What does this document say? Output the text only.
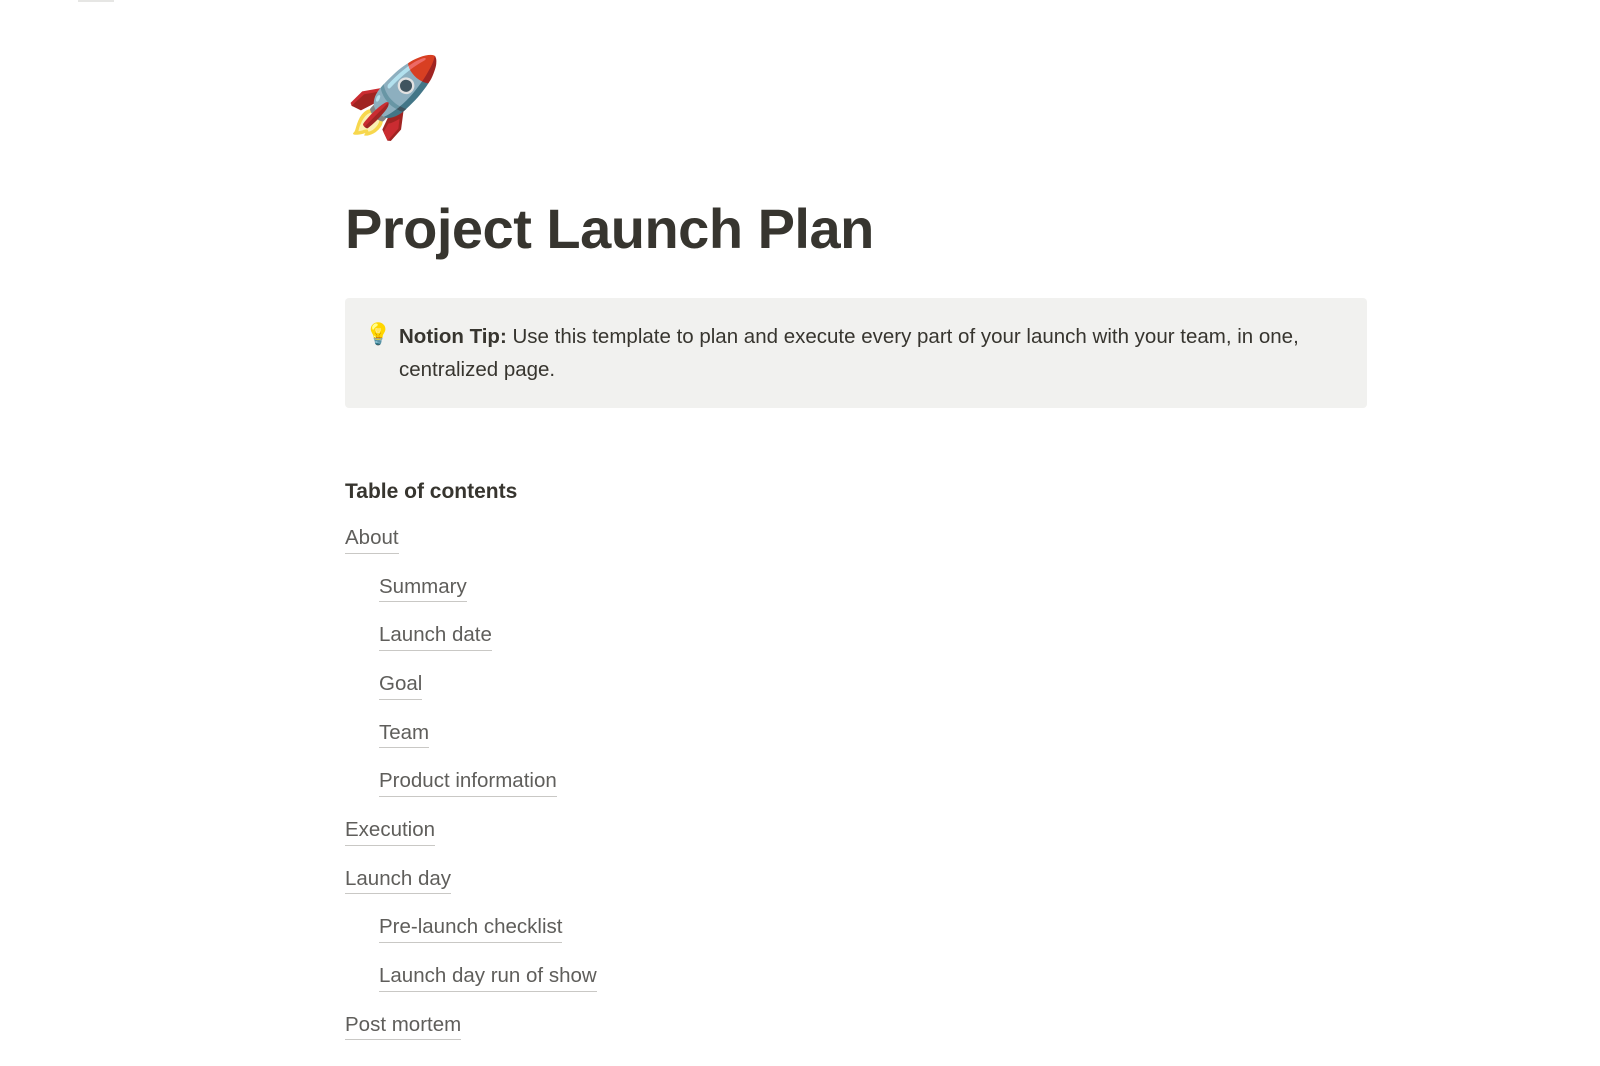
🚀
Project Launch Plan
💡 Notion Tip: Use this template to plan and execute every part of your launch with your team, in one, centralized page.
Table of contents
About
Summary
Launch date
Goal
Team
Product information
Execution
Launch day
Pre-launch checklist
Launch day run of show
Post mortem
